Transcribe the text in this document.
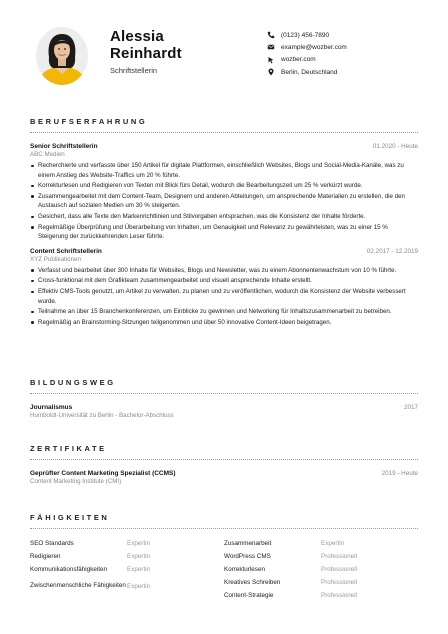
Alessia
Reinhardt
Schriftstellerin
(0123) 456-7890
example@wozber.com
wozber.com
Berlin, Deutschland
BERUFSERFAHRUNG
Senior Schriftstellerin	01.2020 - Heute
ABC Medien
Recherchierte und verfasste über 150 Artikel für digitale Plattformen, einschließlich Websites, Blogs und Social-Media-Kanäle, was zu einem Anstieg des Website-Traffics um 20 % führte.
Korrekturlesen und Redigieren von Texten mit Blick fürs Detail, wodurch die Bearbeitungszeit um 25 % verkürzt wurde.
Zusammengearbeitet mit dem Content-Team, Designern und anderen Abteilungen, um ansprechende Materialien zu erstellen, die den Austausch auf sozialen Medien um 30 % steigerten.
Gesichert, dass alle Texte den Markenrichtlinien und Stilvorgaben entsprachen, was die Konsistenz der Inhalte förderte.
Regelmäßige Überprüfung und Überarbeitung von Inhalten, um Genauigkeit und Relevanz zu gewährleisten, was zu einer 15 % Steigerung der zurückkehrenden Leser führte.
Content Schriftstellerin	02.2017 - 12.2019
XYZ Publikationen
Verfasst und bearbeitet über 300 Inhalte für Websites, Blogs und Newsletter, was zu einem Abonnentenwachstum von 10 % führte.
Cross-funktional mit dem Grafikteam zusammengearbeitet und visuell ansprechende Inhalte erstellt.
Effektiv CMS-Tools genutzt, um Artikel zu verwalten, zu planen und zu veröffentlichen, wodurch die Konsistenz der Website verbessert wurde.
Teilnahme an über 15 Branchenkonferenzen, um Einblicke zu gewinnen und Networking für Inhaltszusammenarbeit zu betreiben.
Regelmäßig an Brainstorming-Sitzungen teilgenommen und über 50 innovative Content-Ideen beigetragen.
BILDUNGSWEG
Journalismus	2017
Humboldt-Universität zu Berlin - Bachelor-Abschluss
ZERTIFIKATE
Geprüfter Content Marketing Spezialist (CCMS)	2019 - Heute
Content Marketing Institute (CMI)
FÄHIGKEITEN
SEO Standards	Expertin
Redigieren	Expertin
Kommunikationsfähigkeiten	Expertin
Zwischenmenschliche Fähigkeiten Expertin
Zusammenarbeit	Expertin
WordPress CMS	Professionell
Korrekturlesen	Professionell
Kreatives Schreiben	Professionell
Content-Strategie	Professionell
